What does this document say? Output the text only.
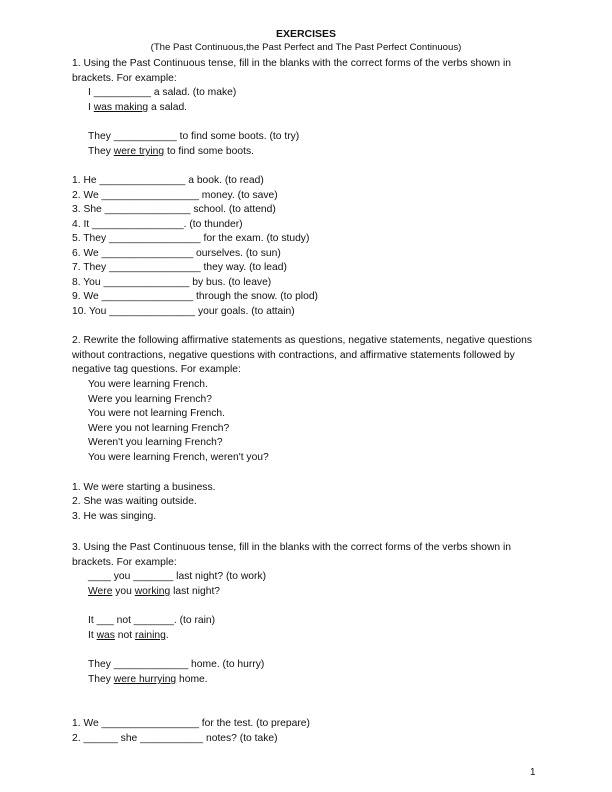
EXERCISES
(The Past Continuous,the Past Perfect and The Past Perfect Continuous)
1. Using the Past Continuous tense, fill in the blanks with the correct forms of the verbs shown in brackets. For example:
I __________ a salad. (to make)
I was making a salad.
They ___________ to find some boots. (to try)
They were trying to find some boots.
1. He _______________ a book. (to read)
2. We _________________ money. (to save)
3. She _______________ school. (to attend)
4. It ________________. (to thunder)
5. They ________________ for the exam. (to study)
6. We ________________ ourselves. (to sun)
7. They ________________ they way. (to lead)
8. You _______________ by bus. (to leave)
9. We ________________ through the snow. (to plod)
10. You _______________ your goals. (to attain)
2. Rewrite the following affirmative statements as questions, negative statements, negative questions without contractions, negative questions with contractions, and affirmative statements followed by negative tag questions. For example:
You were learning French.
Were you learning French?
You were not learning French.
Were you not learning French?
Weren't you learning French?
You were learning French, weren't you?
1. We were starting a business.
2. She was waiting outside.
3. He was singing.
3. Using the Past Continuous tense, fill in the blanks with the correct forms of the verbs shown in brackets. For example:
____ you _______ last night? (to work)
Were you working last night?
It ___ not _______. (to rain)
It was not raining.
They _____________ home. (to hurry)
They were hurrying home.
1. We _________________ for the test. (to prepare)
2. ______ she ___________ notes? (to take)
1
